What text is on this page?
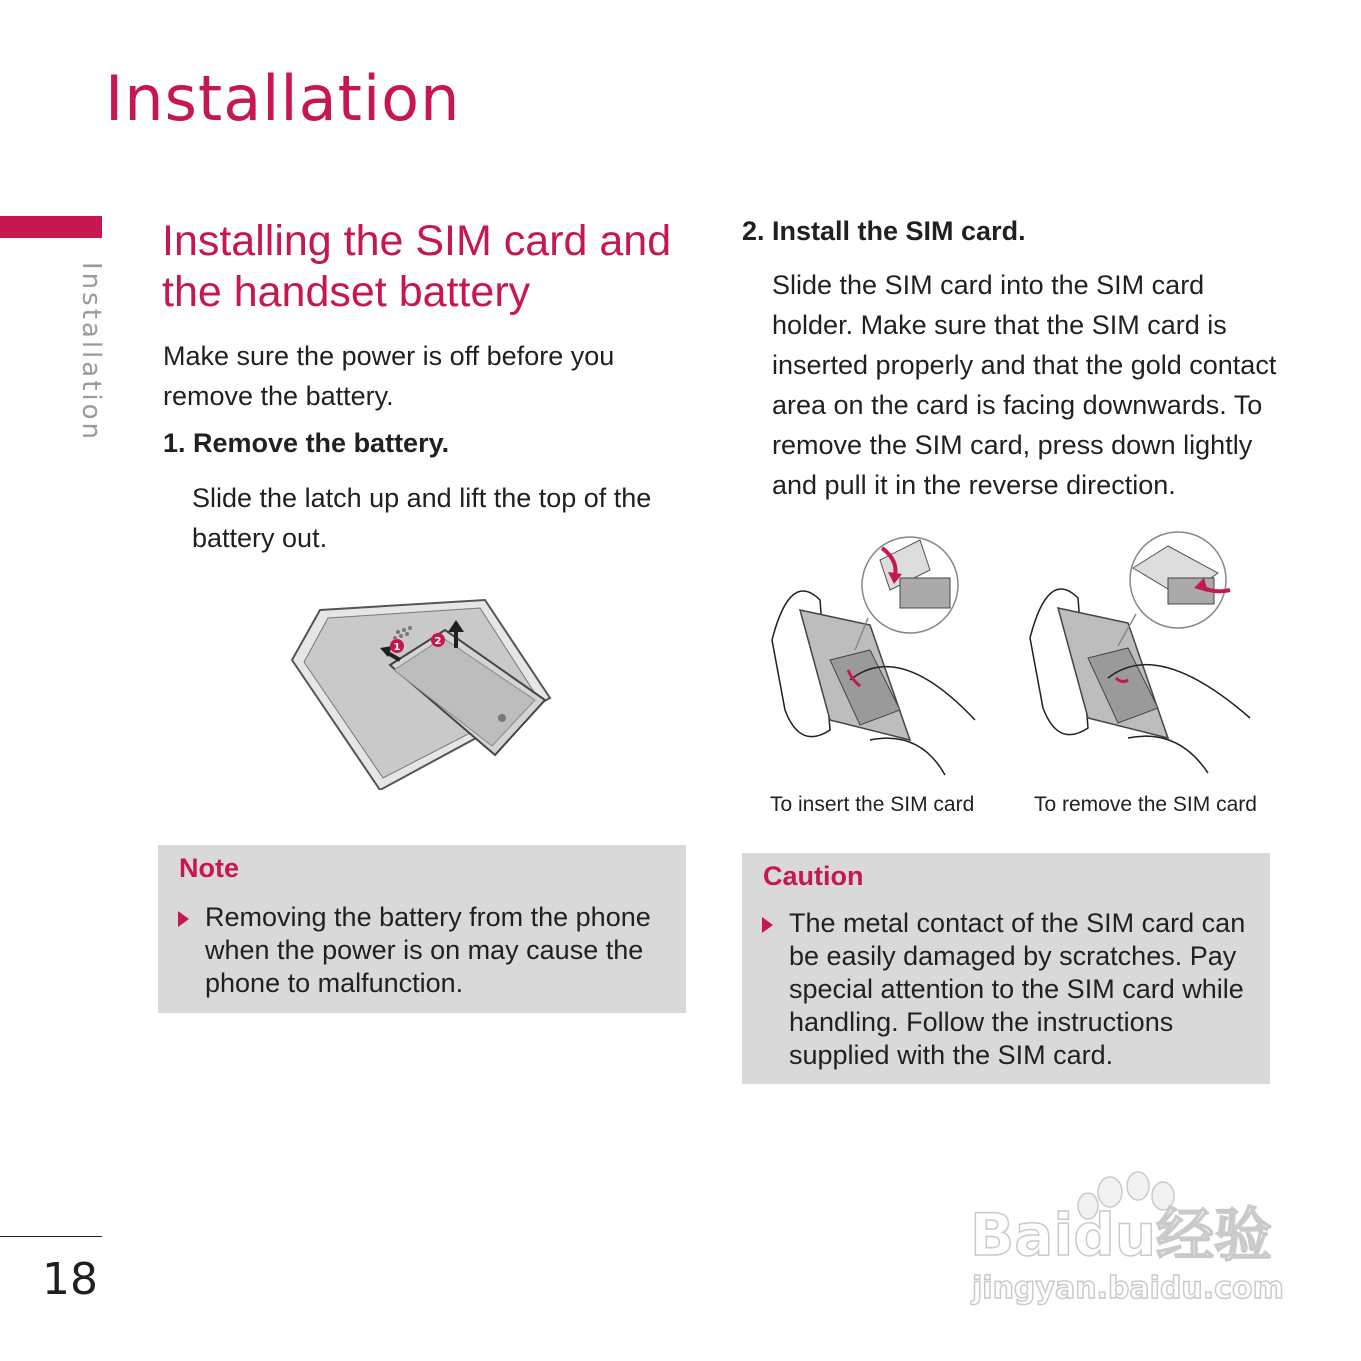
Installation
Installation
Installing the SIM card and the handset battery
Make sure the power is off before you remove the battery.
1. Remove the battery.
Slide the latch up and lift the top of the battery out.
1
2
Note
Removing the battery from the phone when the power is on may cause the phone to malfunction.
2. Install the SIM card.
Slide the SIM card into the SIM card holder. Make sure that the SIM card is inserted properly and that the gold contact area on the card is facing downwards. To remove the SIM card, press down lightly and pull it in the reverse direction.
To insert the SIM card	To remove the SIM card
Caution
The metal contact of the SIM card can be easily damaged by scratches. Pay special attention to the SIM card while handling. Follow the instructions supplied with the SIM card.
18
Baidu经验
jingyan.baidu.com
